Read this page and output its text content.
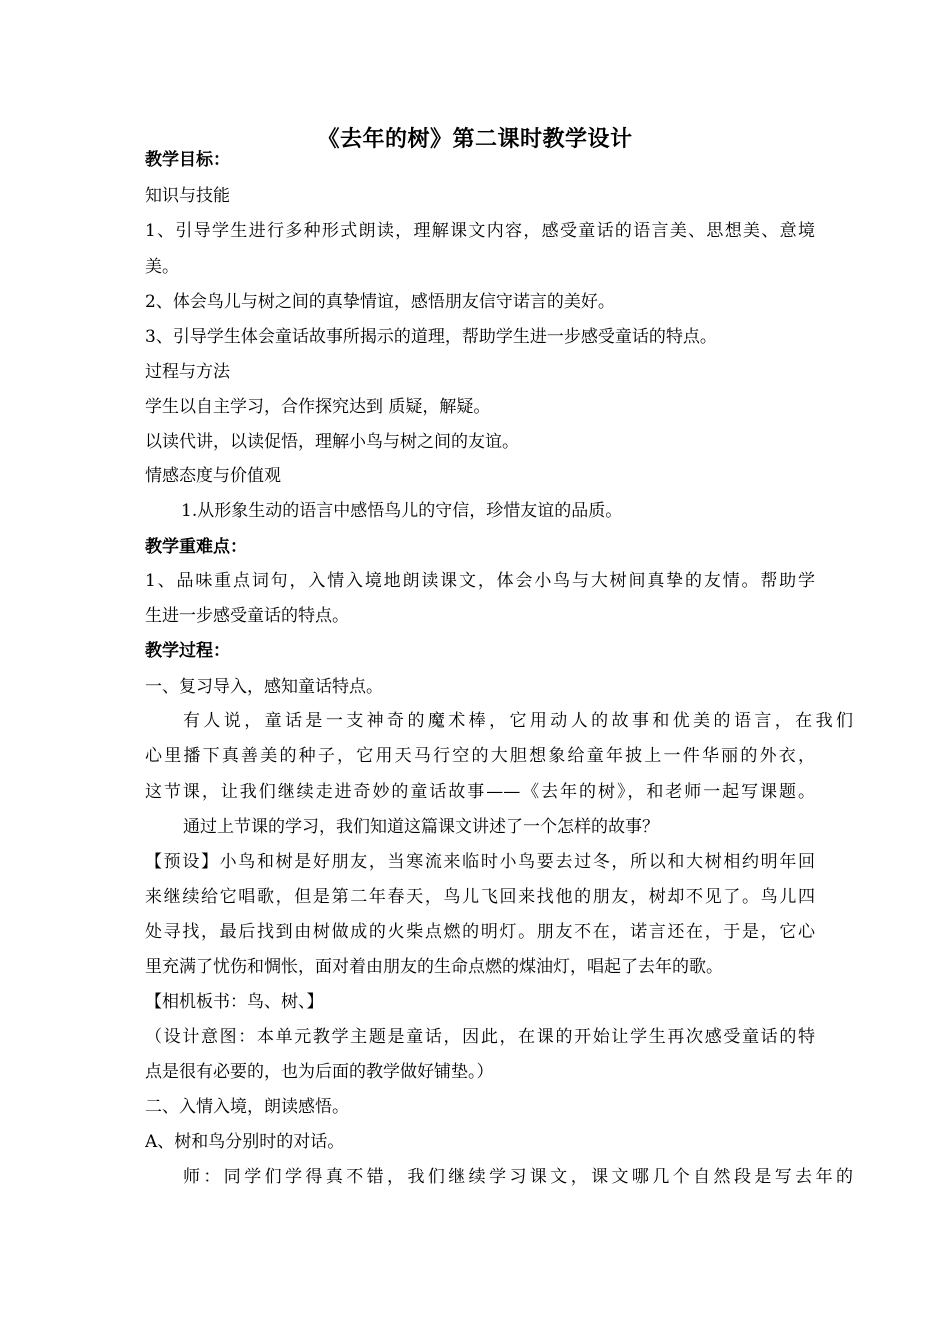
《去年的树》第二课时教学设计
教学目标：
知识与技能
1、引导学生进行多种形式朗读，理解课文内容，感受童话的语言美、思想美、意境
美。
2、体会鸟儿与树之间的真挚情谊，感悟朋友信守诺言的美好。
3、引导学生体会童话故事所揭示的道理，帮助学生进一步感受童话的特点。
过程与方法
学生以自主学习，合作探究达到 质疑，解疑。
以读代讲，以读促悟，理解小鸟与树之间的友谊。
情感态度与价值观
1.从形象生动的语言中感悟鸟儿的守信，珍惜友谊的品质。
教学重难点：
1、品味重点词句，入情入境地朗读课文，体会小鸟与大树间真挚的友情。帮助学
生进一步感受童话的特点。
教学过程：
一、复习导入，感知童话特点。
有人说，童话是一支神奇的魔术棒，它用动人的故事和优美的语言，在我们
心里播下真善美的种子，它用天马行空的大胆想象给童年披上一件华丽的外衣，
这节课，让我们继续走进奇妙的童话故事——《去年的树》，和老师一起写课题。
通过上节课的学习，我们知道这篇课文讲述了一个怎样的故事？
【预设】小鸟和树是好朋友，当寒流来临时小鸟要去过冬，所以和大树相约明年回
来继续给它唱歌，但是第二年春天，鸟儿飞回来找他的朋友，树却不见了。鸟儿四
处寻找，最后找到由树做成的火柴点燃的明灯。朋友不在，诺言还在，于是，它心
里充满了忧伤和惆怅，面对着由朋友的生命点燃的煤油灯，唱起了去年的歌。
【相机板书：鸟、树、】
（设计意图：本单元教学主题是童话，因此，在课的开始让学生再次感受童话的特
点是很有必要的，也为后面的教学做好铺垫。）
二、入情入境，朗读感悟。
A、树和鸟分别时的对话。
师：同学们学得真不错，我们继续学习课文，课文哪几个自然段是写去年的
